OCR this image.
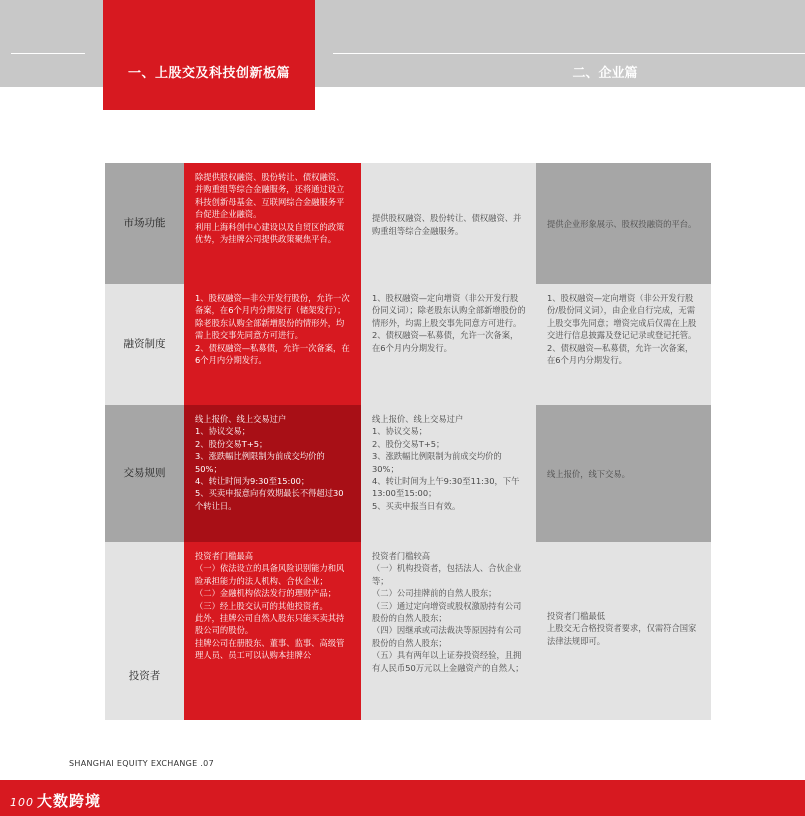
一、上股交及科技创新板篇	二、企业篇
市场功能

除提供股权融资、股份转让、债权融资、并购重组等综合金融服务，还将通过设立科技创新母基金、互联网综合金融服务平台促进企业融资。

利用上海科创中心建设以及自贸区的政策优势，为挂牌公司提供政策聚焦平台。

提供股权融资、股份转让、债权融资、并购重组等综合金融服务。

提供企业形象展示、股权投融资的平台。

融资制度

1、股权融资—非公开发行股份，允许一次备案，在6个月内分期发行（储架发行）；除老股东认购全部新增股份的情形外，均需上股交事先同意方可进行。

2、债权融资—私募债，允许一次备案，在6个月内分期发行。

1、股权融资—定向增资（非公开发行股份同义词）；除老股东认购全部新增股份的情形外，均需上股交事先同意方可进行。

2、债权融资—私募债，允许一次备案，在6个月内分期发行。

1、股权融资—定向增资（非公开发行股份/股份同义词），由企业自行完成，无需上股交事先同意；增资完成后仅需在上股交进行信息披露及登记记录或登记托管。

2、债权融资—私募债，允许一次备案，在6个月内分期发行。

交易规则

线上报价、线上交易过户

1、协议交易；

2、股份交易T+5；

3、涨跌幅比例限制为前成交均价的50%；

4、转让时间为9:30至15:00；

5、买卖申报意向有效期最长不得超过30个转让日。

线上报价、线上交易过户

1、协议交易；

2、股份交易T+5；

3、涨跌幅比例限制为前成交均价的30%；

4、转让时间为上午9:30至11:30，下午13:00至15:00；

5、买卖申报当日有效。

线上报价，线下交易。

投资者

投资者门槛最高

（一）依法设立的具备风险识别能力和风险承担能力的法人机构、合伙企业；

（二）金融机构依法发行的理财产品；

（三）经上股交认可的其他投资者。

此外，挂牌公司自然人股东只能买卖其持股公司的股份。

挂牌公司在册股东、董事、监事、高级管理人员、员工可以认购本挂牌公

投资者门槛较高

（一）机构投资者，包括法人、合伙企业等；

（二）公司挂牌前的自然人股东；

（三）通过定向增资或股权激励持有公司股份的自然人股东；

（四）因继承或司法裁决等原因持有公司股份的自然人股东；

（五）具有两年以上证券投资经验，且拥有人民币50万元以上金融资产的自然人；

投资者门槛最低

上股交无合格投资者要求，仅需符合国家法律法规即可。

SHANGHAI EQUITY EXCHANGE .07
100 大数跨境
